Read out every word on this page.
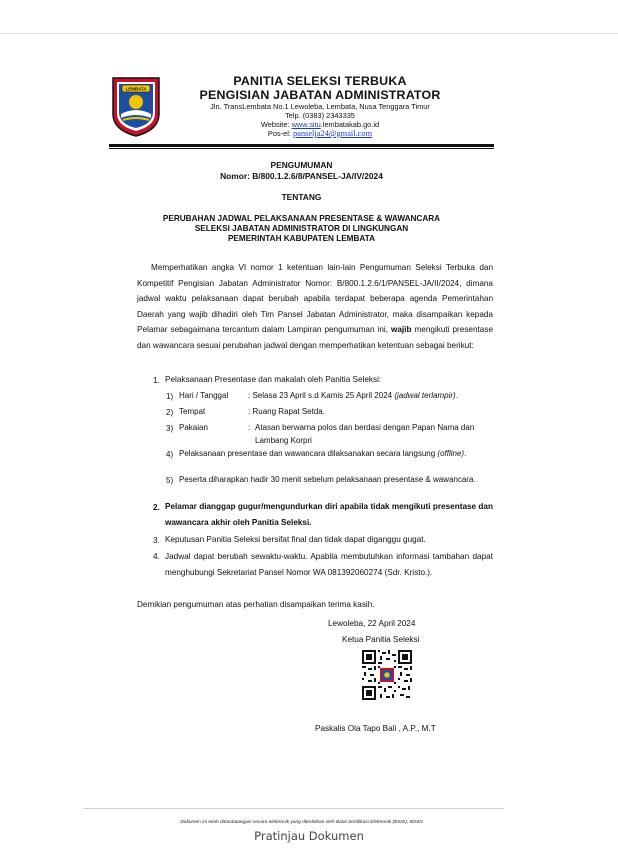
LEMBATA
PANITIA SELEKSI TERBUKA
PENGISIAN JABATAN ADMINISTRATOR
Jln. TransLembata No.1 Lewoleba, Lembata, Nusa Tenggara Timur
Telp. (0383) 2343335
Website: www.situ.lembatakab.go.id
Pos-el: panselja24@gmail.com
PENGUMUMAN
Nomor: B/800.1.2.6/8/PANSEL-JA/IV/2024
TENTANG
PERUBAHAN JADWAL PELAKSANAAN PRESENTASE & WAWANCARA
SELEKSI JABATAN ADMINISTRATOR DI LINGKUNGAN
PEMERINTAH KABUPATEN LEMBATA
Memperhatikan angka VI nomor 1 ketentuan lain-lain Pengumuman Seleksi Terbuka dan Kompetitif Pengisian Jabatan Administrator Nomor: B/800.1.2.6/1/PANSEL-JA/II/2024, dimana jadwal waktu pelaksanaan dapat berubah apabila terdapat beberapa agenda Pemerintahan Daerah yang wajib dihadiri oleh Tim Pansel Jabatan Administrator, maka disampaikan kepada Pelamar sebagaimana tercantum dalam Lampiran pengumuman ini, wajib mengikuti presentase dan wawancara sesuai perubahan jadwal dengan memperhatikan ketentuan sebagai berikut:
1. Pelaksanaan Presentase dan makalah oleh Panitia Seleksi:
1) Hari / Tanggal	: Selasa 23 April s.d Kamis 25 April 2024 (jadwal terlampir).
2) Tempat	: Ruang Rapat Setda.
3) Pakaian	: Atasan berwarna polos dan berdasi dengan Papan Nama dan Lambang Korpri
4) Pelaksanaan presentase dan wawancara dilaksanakan secara langsung (offline).
5) Peserta diharapkan hadir 30 menit sebelum pelaksanaan presentase & wawancara.
2. Pelamar dianggap gugur/mengundurkan diri apabila tidak mengikuti presentase dan wawancara akhir oleh Panitia Seleksi.
3. Keputusan Panitia Seleksi bersifat final dan tidak dapat diganggu gugat.
4. Jadwal dapat berubah sewaktu-waktu. Apabila membutuhkan informasi tambahan dapat menghubungi Sekretariat Pansel Nomor WA 081392060274 (Sdr. Kristo.).
Demikian pengumuman atas perhatian disampaikan terima kasih.
Lewoleba, 22 April 2024
Ketua Panitia Seleksi
Paskalis Ola Tapo Bali , A.P., M.T
Dokumen ini telah ditandatangani secara elektronik yang diterbitkan oleh Balai Sertifikasi Elektronik (BSrE), BSSN
Pratinjau Dokumen
